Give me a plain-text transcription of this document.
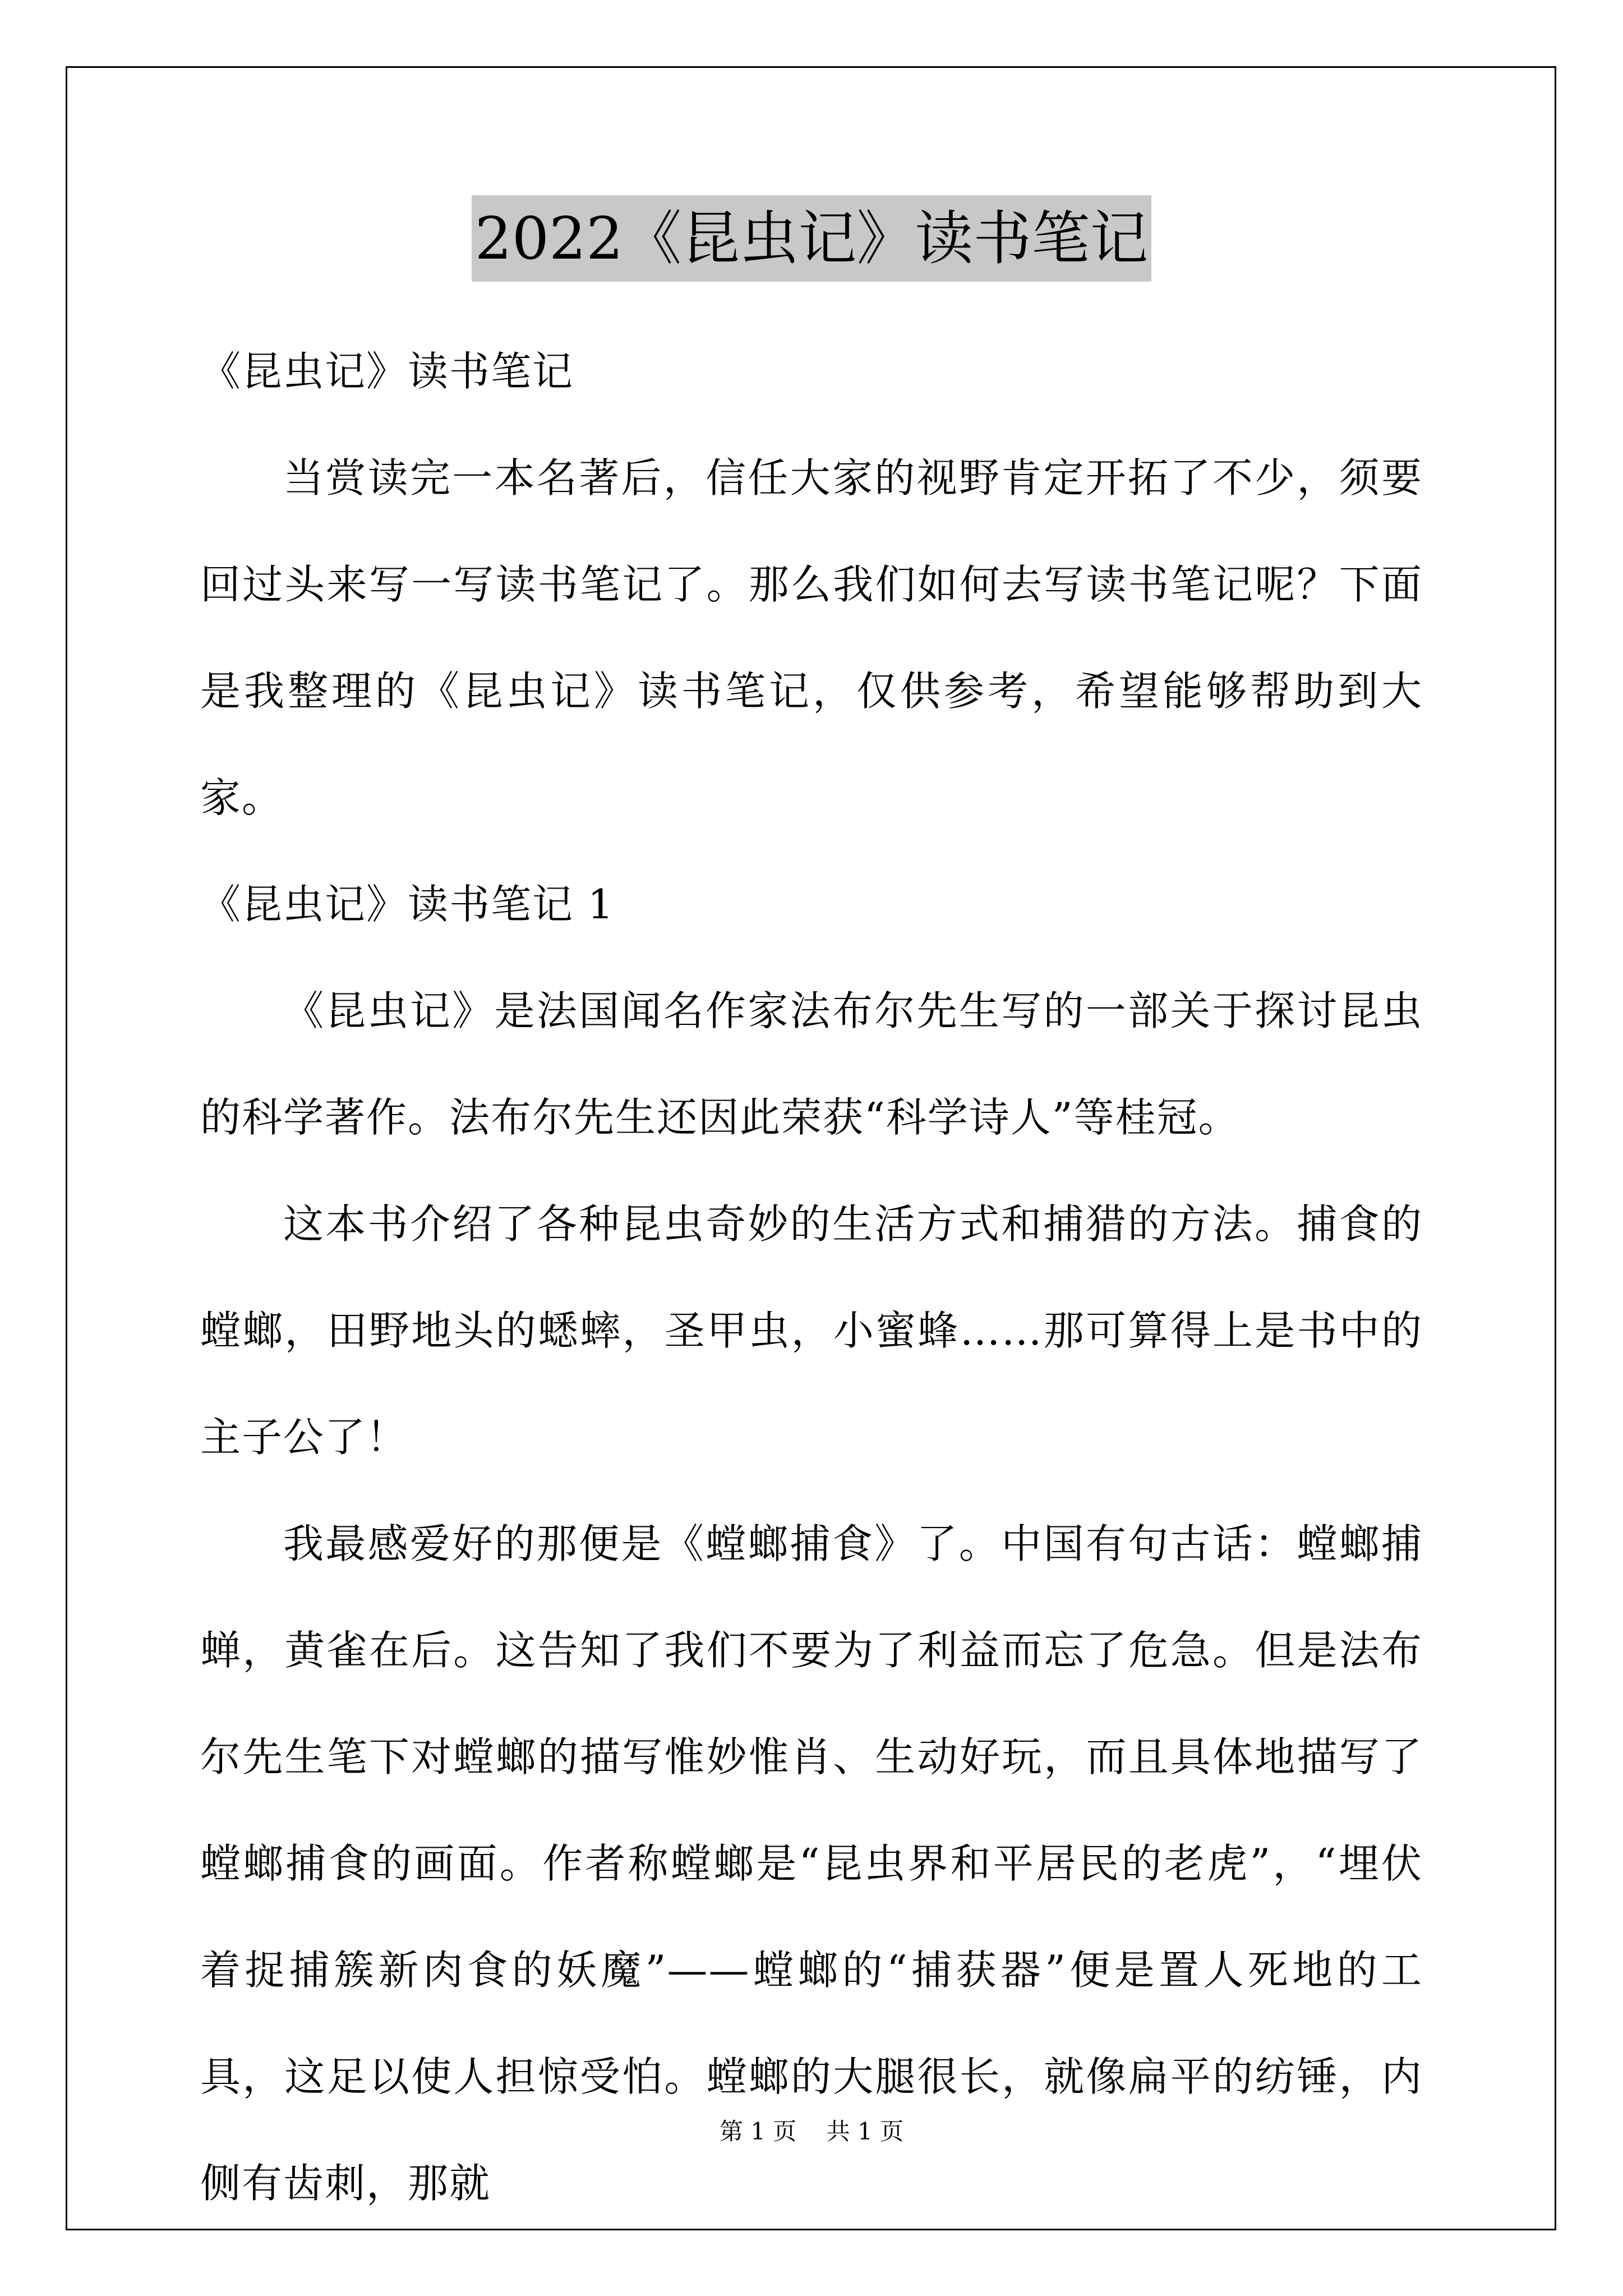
2022《昆虫记》读书笔记

《昆虫记》读书笔记

当赏读完一本名著后，信任大家的视野肯定开拓了不少，须要回过头来写一写读书笔记了。那么我们如何去写读书笔记呢？下面是我整理的《昆虫记》读书笔记，仅供参考，希望能够帮助到大家。

《昆虫记》读书笔记 1

《昆虫记》是法国闻名作家法布尔先生写的一部关于探讨昆虫的科学著作。法布尔先生还因此荣获“科学诗人”等桂冠。

这本书介绍了各种昆虫奇妙的生活方式和捕猎的方法。捕食的螳螂，田野地头的蟋蟀，圣甲虫，小蜜蜂……那可算得上是书中的主子公了！

我最感爱好的那便是《螳螂捕食》了。中国有句古话：螳螂捕蝉，黄雀在后。这告知了我们不要为了利益而忘了危急。但是法布尔先生笔下对螳螂的描写惟妙惟肖、生动好玩，而且具体地描写了螳螂捕食的画面。作者称螳螂是“昆虫界和平居民的老虎”，“埋伏着捉捕簇新肉食的妖魔”——螳螂的“捕获器”便是置人死地的工具，这足以使人担惊受怕。螳螂的大腿很长，就像扁平的纺锤，内侧有齿刺，那就

第 1 页 共 1 页
